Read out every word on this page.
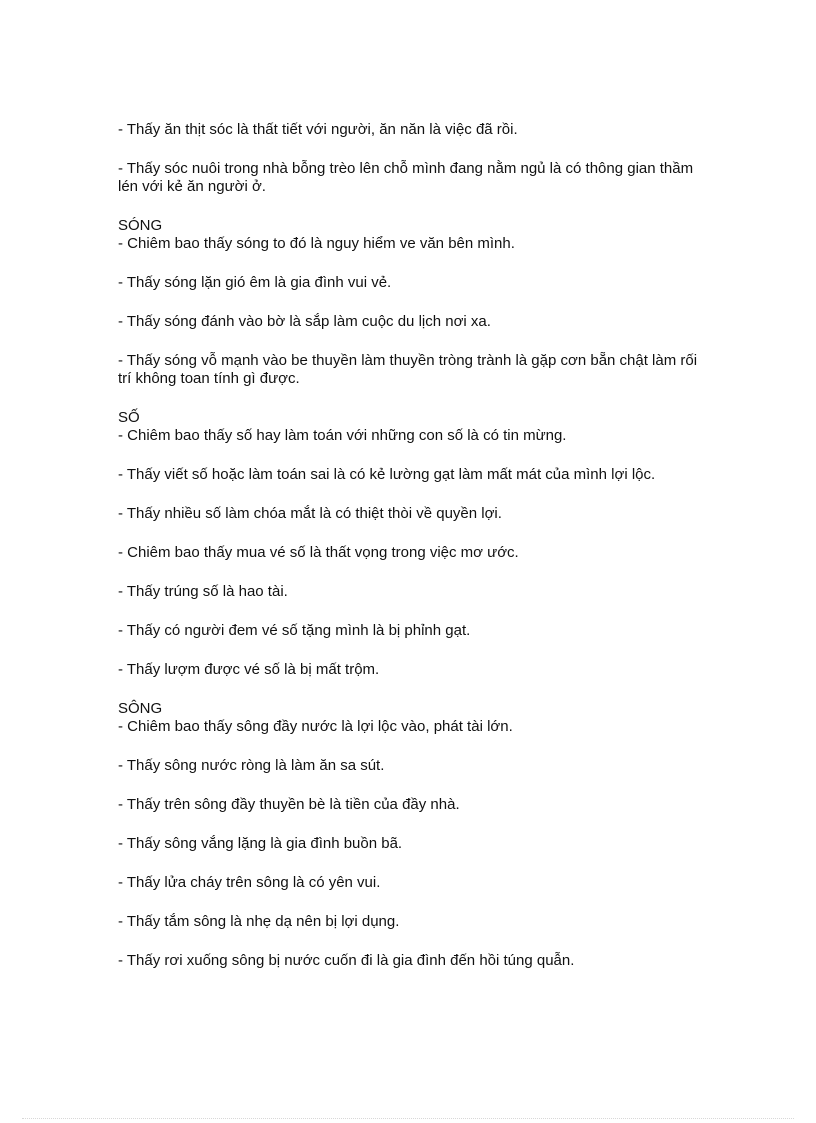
- Thấy ăn thịt sóc là thất tiết với người, ăn năn là việc đã rồi.

- Thấy sóc nuôi trong nhà bỗng trèo lên chỗ mình đang nằm ngủ là có thông gian thầm lén với kẻ ăn người ở.

SÓNG

- Chiêm bao thấy sóng to đó là nguy hiểm ve văn bên mình.

- Thấy sóng lặn gió êm là gia đình vui vẻ.

- Thấy sóng đánh vào bờ là sắp làm cuộc du lịch nơi xa.

- Thấy sóng vỗ mạnh vào be thuyền làm thuyền tròng trành là gặp cơn bẵn chật làm rối trí không toan tính gì được.

SỐ

- Chiêm bao thấy số hay làm toán với những con số là có tin mừng.

- Thấy viết số hoặc làm toán sai là có kẻ lường gạt làm mất mát của mình lợi lộc.

- Thấy nhiều số làm chóa mắt là có thiệt thòi về quyền lợi.

- Chiêm bao thấy mua vé số là thất vọng trong việc mơ ước.

- Thấy trúng số là hao tài.

- Thấy có người đem vé số tặng mình là bị phỉnh gạt.

- Thấy lượm được vé số là bị mất trộm.

SÔNG

- Chiêm bao thấy sông đầy nước là lợi lộc vào, phát tài lớn.

- Thấy sông nước ròng là làm ăn sa sút.

- Thấy trên sông đầy thuyền bè là tiền của đầy nhà.

- Thấy sông vắng lặng là gia đình buồn bã.

- Thấy lửa cháy trên sông là có yên vui.

- Thấy tắm sông là nhẹ dạ nên bị lợi dụng.

- Thấy rơi xuống sông bị nước cuốn đi là gia đình đến hồi túng quẫn.
